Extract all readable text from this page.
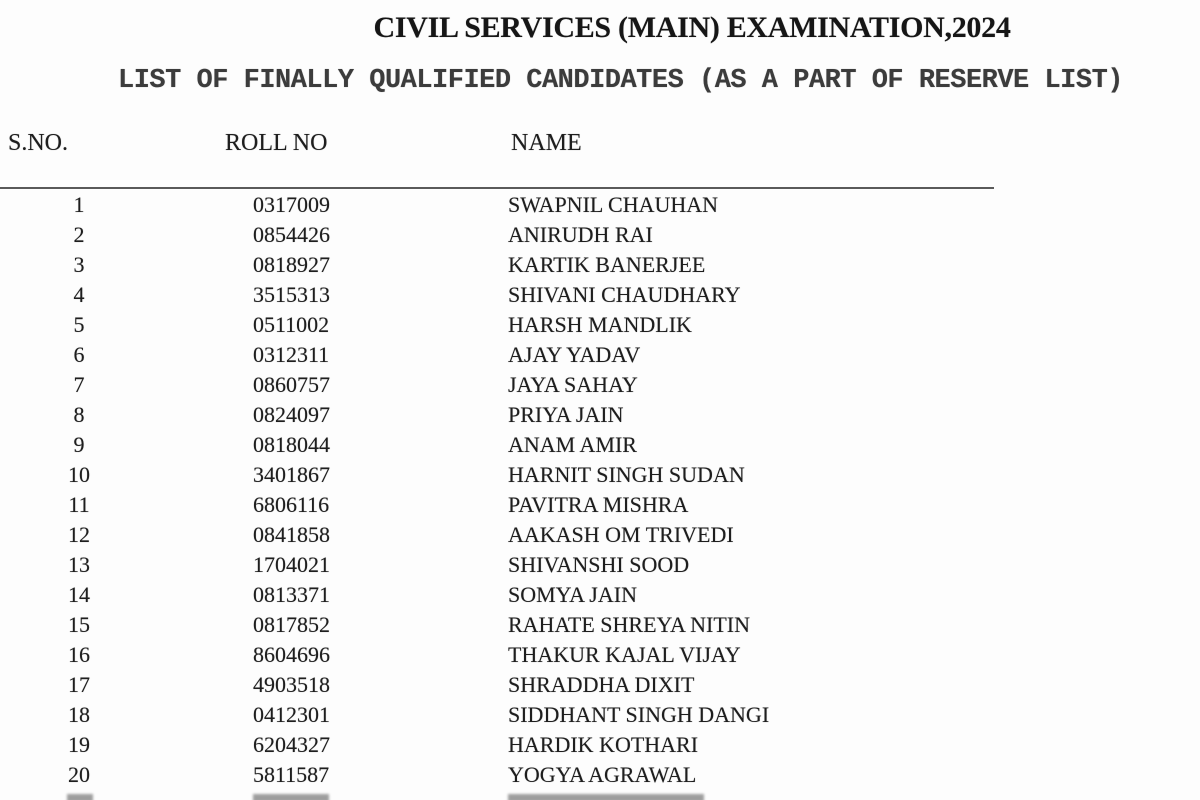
CIVIL SERVICES (MAIN) EXAMINATION,2024
LIST OF FINALLY QUALIFIED CANDIDATES (AS A PART OF RESERVE LIST)
S.NO.	ROLL NO	NAME
1	0317009	SWAPNIL CHAUHAN
2	0854426	ANIRUDH RAI
3	0818927	KARTIK BANERJEE
4	3515313	SHIVANI CHAUDHARY
5	0511002	HARSH MANDLIK
6	0312311	AJAY YADAV
7	0860757	JAYA SAHAY
8	0824097	PRIYA JAIN
9	0818044	ANAM AMIR
10	3401867	HARNIT SINGH SUDAN
11	6806116	PAVITRA MISHRA
12	0841858	AAKASH OM TRIVEDI
13	1704021	SHIVANSHI SOOD
14	0813371	SOMYA JAIN
15	0817852	RAHATE SHREYA NITIN
16	8604696	THAKUR KAJAL VIJAY
17	4903518	SHRADDHA DIXIT
18	0412301	SIDDHANT SINGH DANGI
19	6204327	HARDIK KOTHARI
20	5811587	YOGYA AGRAWAL
